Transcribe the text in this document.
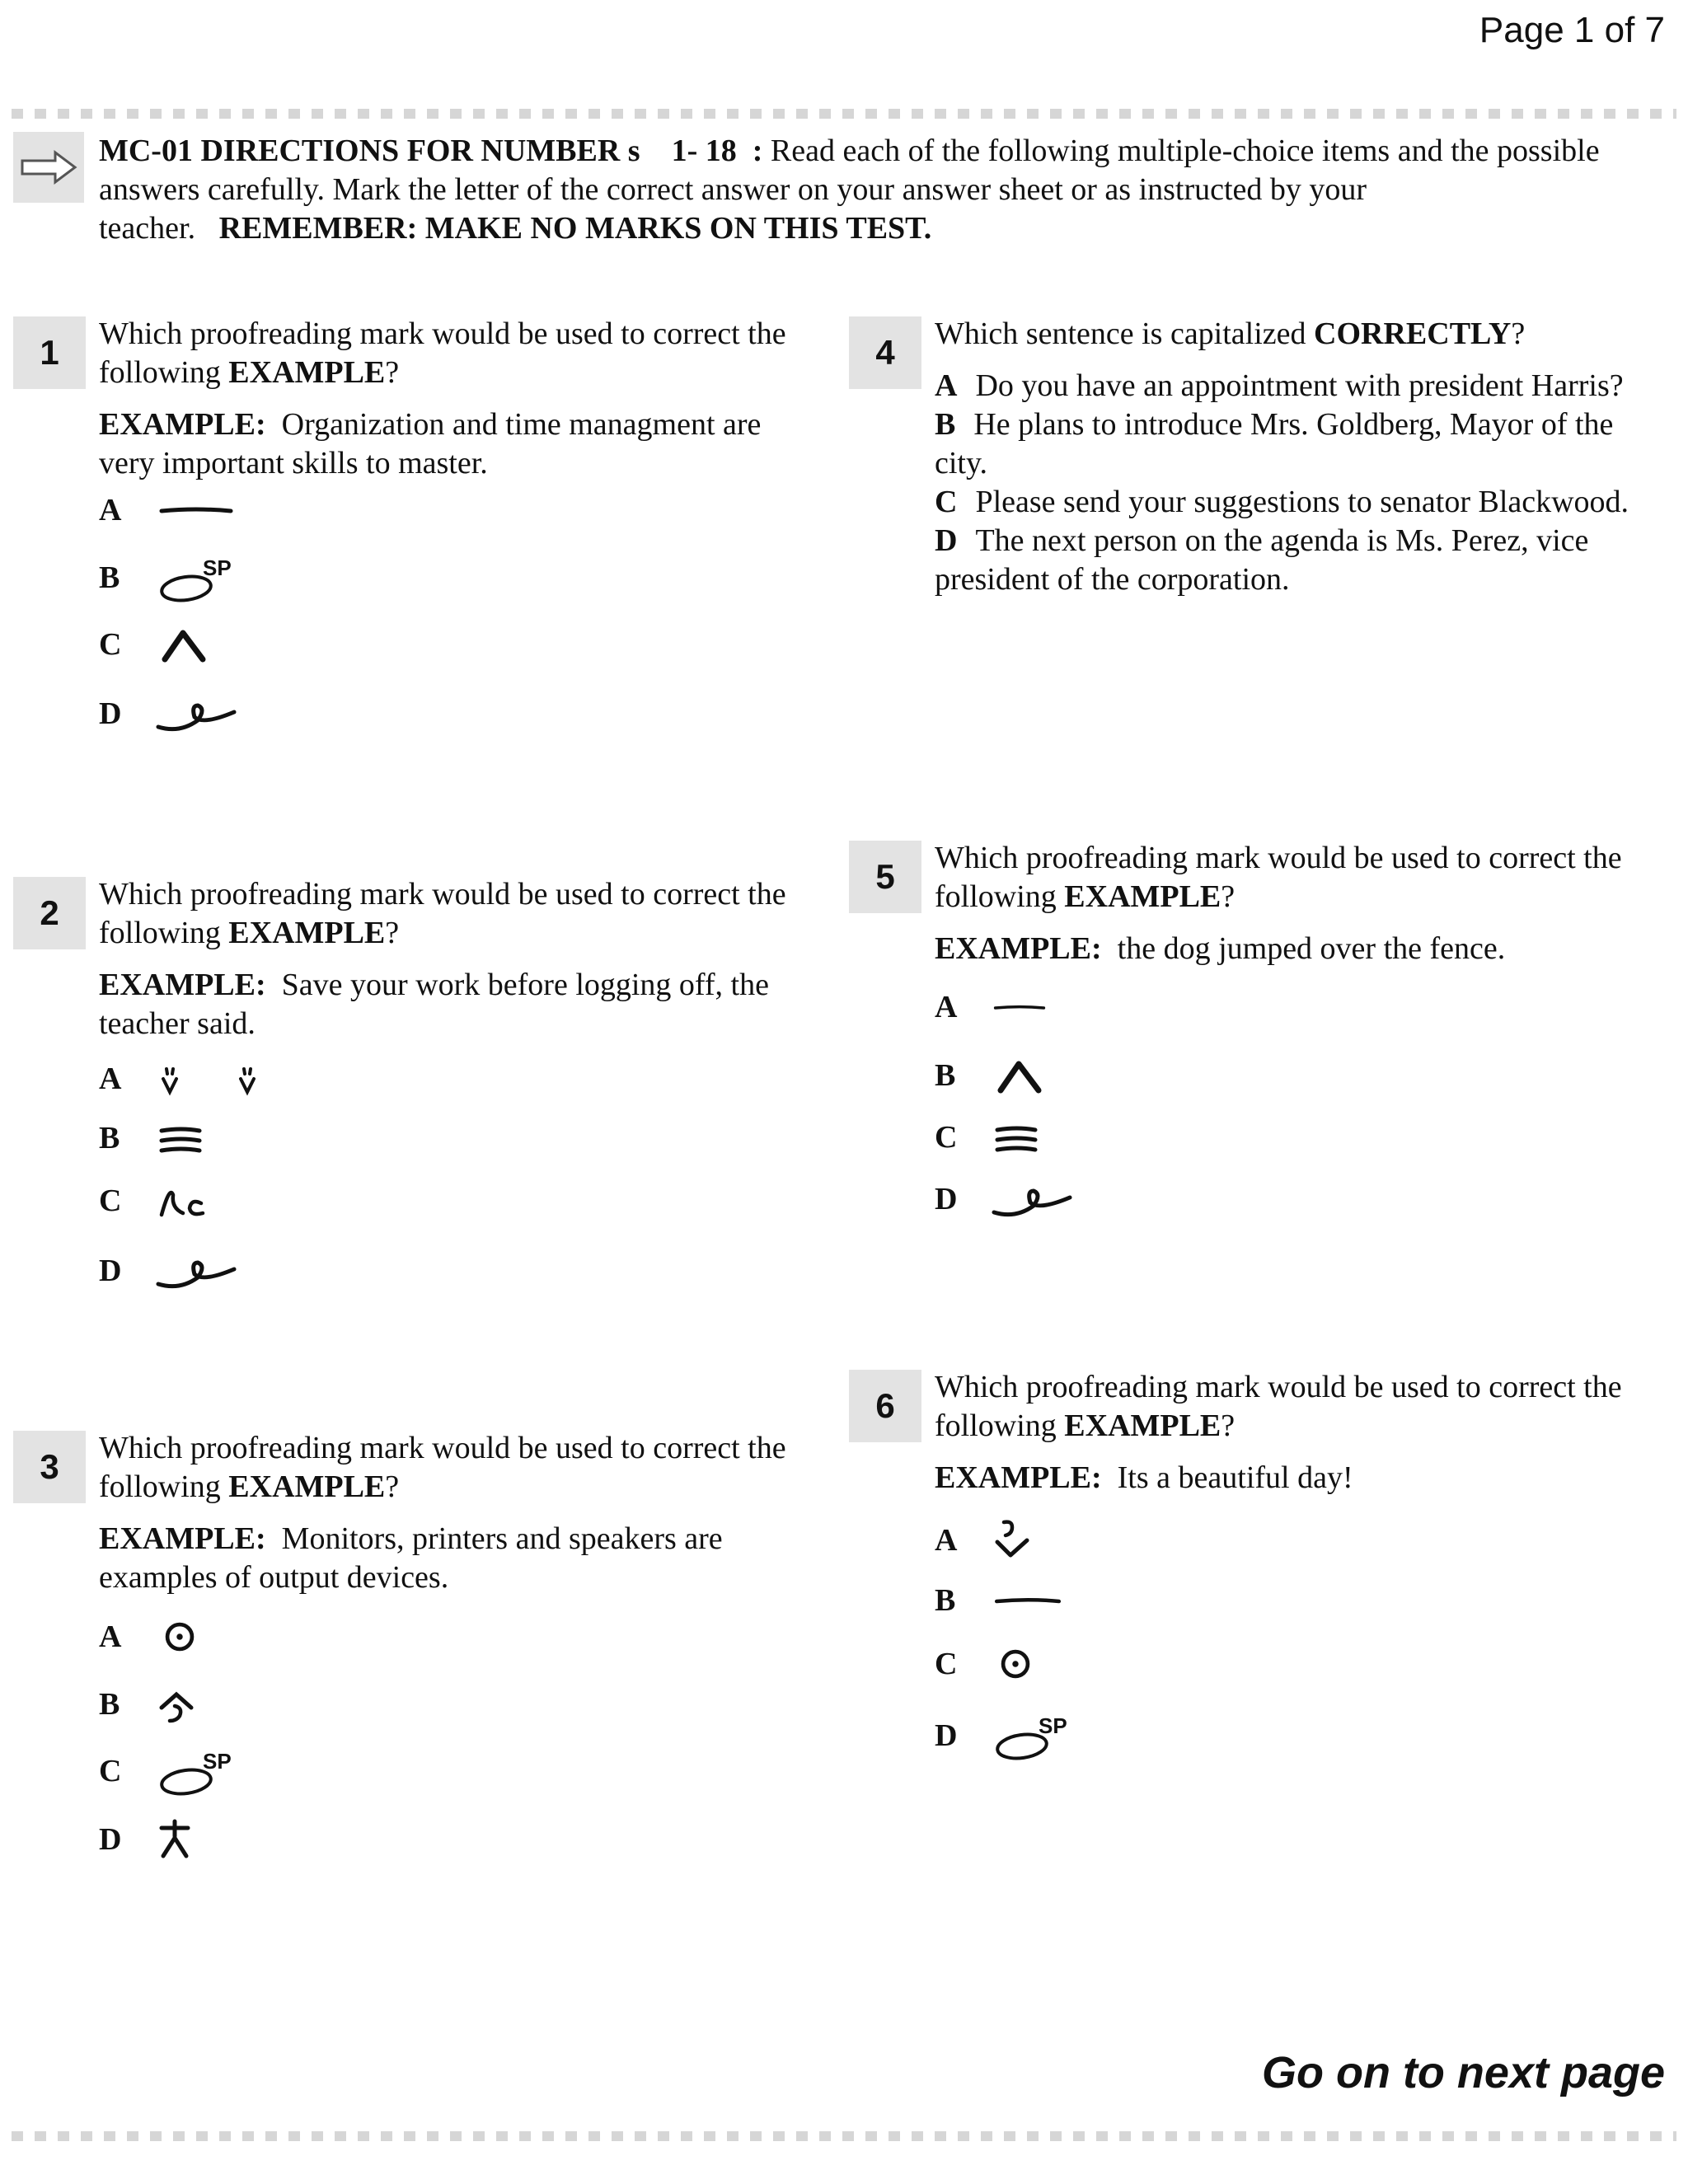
Page 1 of 7
MC-01 DIRECTIONS FOR NUMBER s 1- 18 : Read each of the following multiple-choice items and the possible answers carefully. Mark the letter of the correct answer on your answer sheet or as instructed by your teacher. REMEMBER: MAKE NO MARKS ON THIS TEST.
1	Which proofreading mark would be used to correct the following EXAMPLE?

EXAMPLE: Organization and time managment are very important skills to master.

A
B
C
D
2	Which proofreading mark would be used to correct the following EXAMPLE?

EXAMPLE: Save your work before logging off, the teacher said.

A
B
C
D
3	Which proofreading mark would be used to correct the following EXAMPLE?

EXAMPLE: Monitors, printers and speakers are examples of output devices.

A
B
C
D
4	Which sentence is capitalized CORRECTLY?

A Do you have an appointment with president Harris?

B He plans to introduce Mrs. Goldberg, Mayor of the city.

C Please send your suggestions to senator Blackwood.

D The next person on the agenda is Ms. Perez, vice president of the corporation.

5	Which proofreading mark would be used to correct the following EXAMPLE?

EXAMPLE: the dog jumped over the fence.

A
B
C
D
6	Which proofreading mark would be used to correct the following EXAMPLE?

EXAMPLE: Its a beautiful day!

A
B
C
D
Go on to next page
